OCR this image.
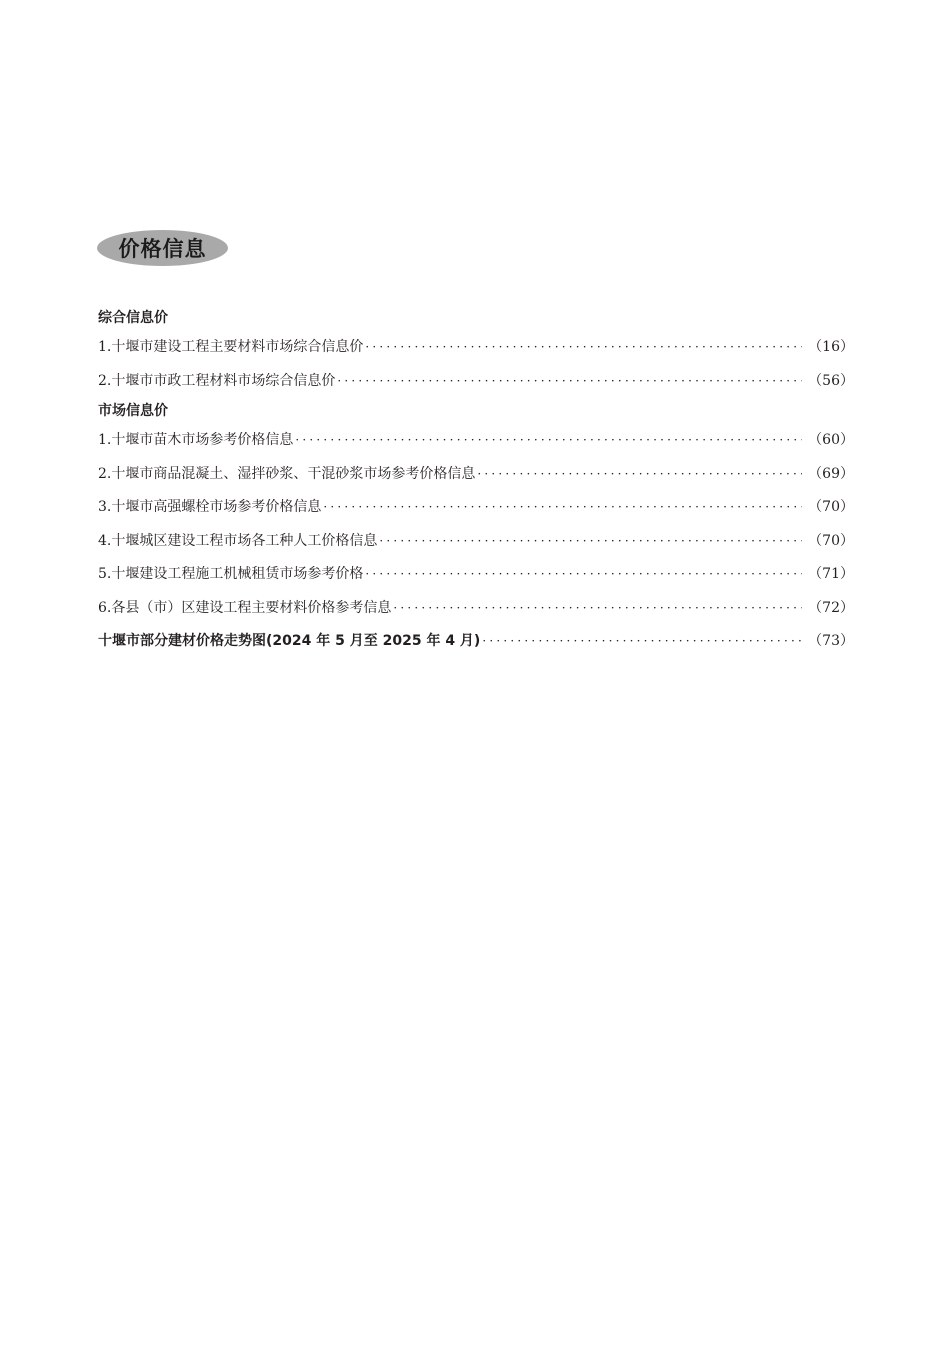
价格信息
综合信息价
1.十堰市建设工程主要材料市场综合信息价 ·····	（16）
2.十堰市市政工程材料市场综合信息价 ·····	（56）
市场信息价
1.十堰市苗木市场参考价格信息 ·····	（60）
2.十堰市商品混凝土、湿拌砂浆、干混砂浆市场参考价格信息 ·····	（69）
3.十堰市高强螺栓市场参考价格信息 ·····	（70）
4.十堰城区建设工程市场各工种人工价格信息 ·····	（70）
5.十堰建设工程施工机械租赁市场参考价格 ·····	（71）
6.各县（市）区建设工程主要材料价格参考信息 ·····	（72）
十堰市部分建材价格走势图(2024 年 5 月至 2025 年 4 月) ·····	（73）
